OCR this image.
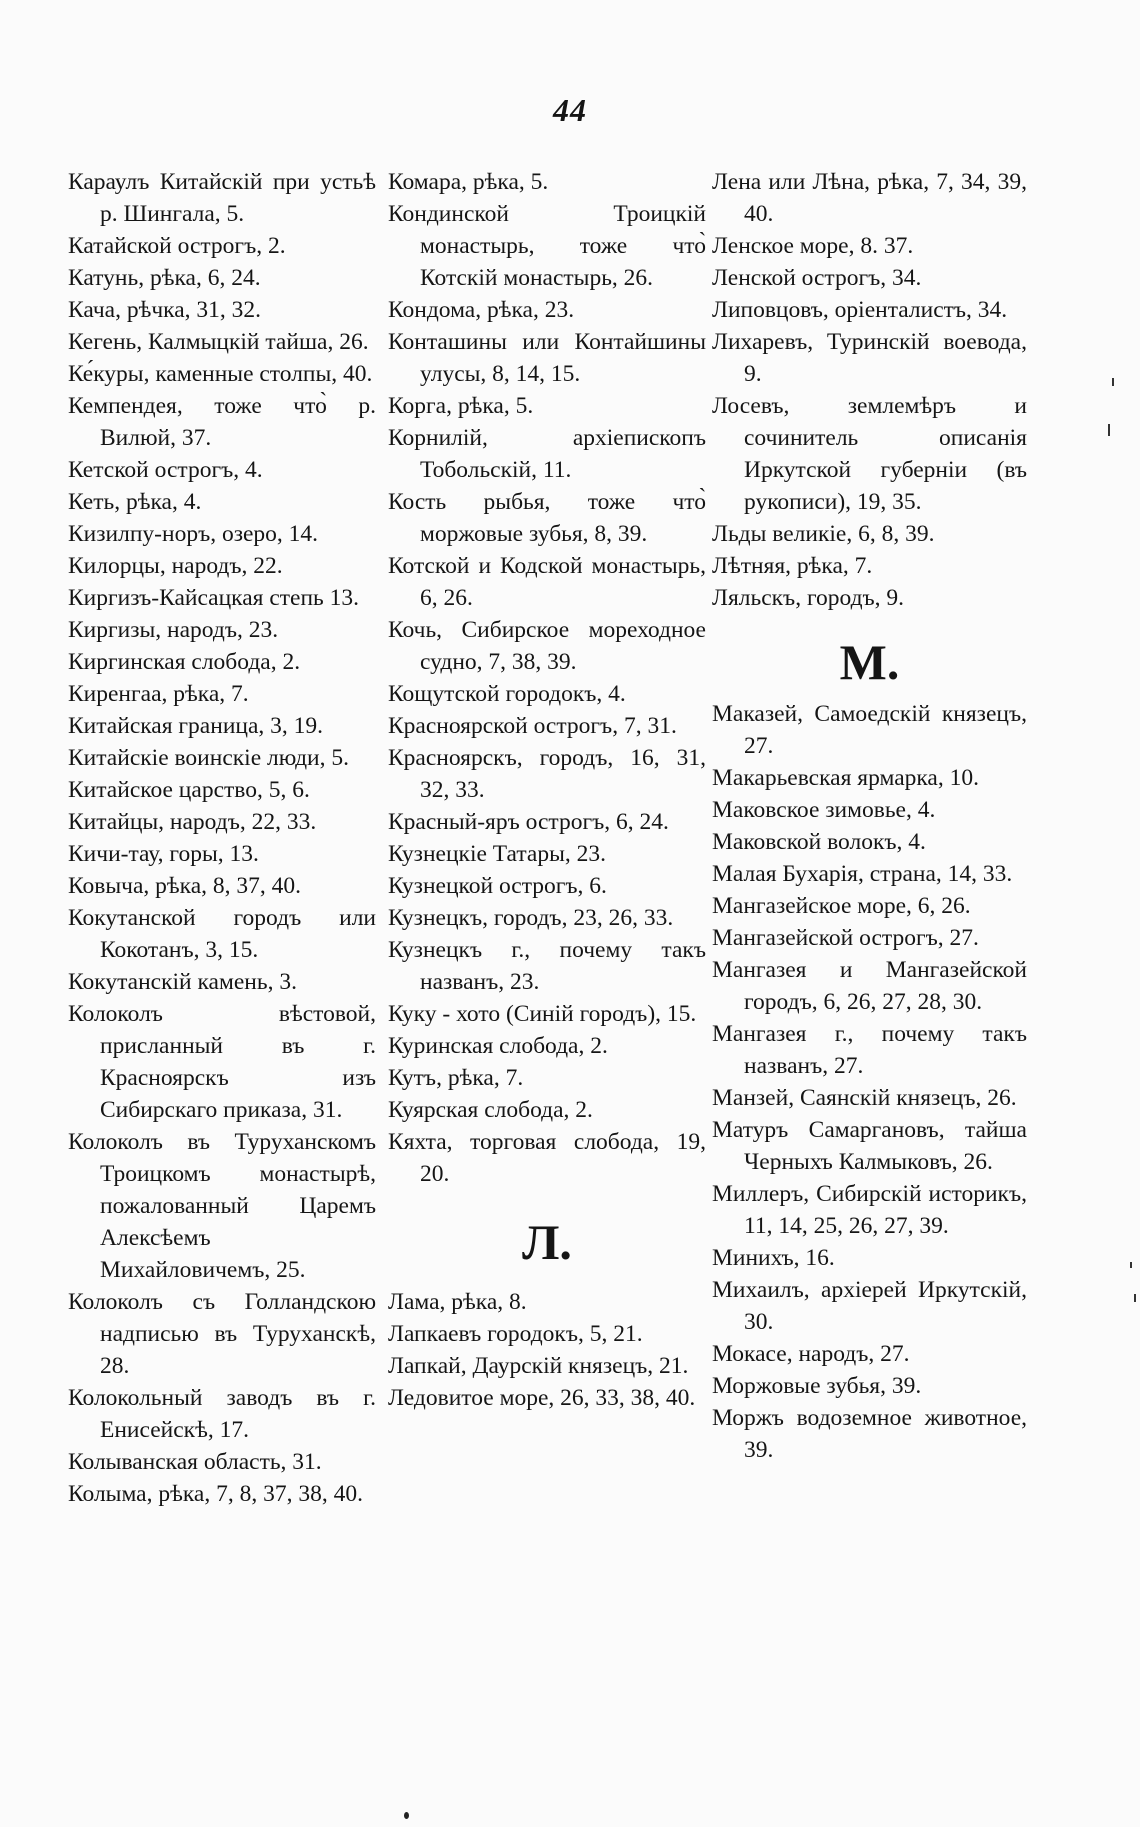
44

Караулъ Китайскій при устьѣ р. Шингала, 5.

Катайской острогъ, 2.

Катунь, рѣка, 6, 24.

Кача, рѣчка, 31, 32.

Кегень, Калмыцкій тайша, 26.

Ке́куры, каменные столпы, 40.

Кемпендея, тоже что̀ р. Вилюй, 37.

Кетской острогъ, 4.

Кеть, рѣка, 4.

Кизилпу-норъ, озеро, 14.

Килорцы, народъ, 22.

Киргизъ-Кайсацкая степь 13.

Киргизы, народъ, 23.

Киргинская слобода, 2.

Киренгаа, рѣка, 7.

Китайская граница, 3, 19.

Китайскіе воинскіе люди, 5.

Китайское царство, 5, 6.

Китайцы, народъ, 22, 33.

Кичи-тау, горы, 13.

Ковыча, рѣка, 8, 37, 40.

Кокутанской городъ или Кокотанъ, 3, 15.

Кокутанскій камень, 3.

Колоколъ вѣстовой, присланный въ г. Красноярскъ изъ Сибирскаго приказа, 31.

Колоколъ въ Туруханскомъ Троицкомъ монастырѣ, пожалованный Царемъ Алексѣемъ Михайловичемъ, 25.

Колоколъ съ Голландскою надписью въ Туруханскѣ, 28.

Колокольный заводъ въ г. Енисейскѣ, 17.

Колыванская область, 31.

Колыма, рѣка, 7, 8, 37, 38, 40.

Комара, рѣка, 5.

Кондинской Троицкій монастырь, тоже что̀ Котскій монастырь, 26.

Кондома, рѣка, 23.

Конташины или Контайшины улусы, 8, 14, 15.

Корга, рѣка, 5.

Корнилій, архіепископъ Тобольскій, 11.

Кость рыбья, тоже что̀ моржовые зубья, 8, 39.

Котской и Кодской монастырь, 6, 26.

Кочь, Сибирское мореходное судно, 7, 38, 39.

Кощутской городокъ, 4.

Красноярской острогъ, 7, 31.

Красноярскъ, городъ, 16, 31, 32, 33.

Красный-яръ острогъ, 6, 24.

Кузнецкіе Татары, 23.

Кузнецкой острогъ, 6.

Кузнецкъ, городъ, 23, 26, 33.

Кузнецкъ г., почему такъ названъ, 23.

Куку - хото (Синій городъ), 15.

Куринская слобода, 2.

Кутъ, рѣка, 7.

Куярская слобода, 2.

Кяхта, торговая слобода, 19, 20.

Л.

Лама, рѣка, 8.

Лапкаевъ городокъ, 5, 21.

Лапкай, Даурскій князецъ, 21.

Ледовитое море, 26, 33, 38, 40.

Лена или Лѣна, рѣка, 7, 34, 39, 40.

Ленское море, 8. 37.

Ленской острогъ, 34.

Липовцовъ, оріенталистъ, 34.

Лихаревъ, Туринскій воевода, 9.

Лосевъ, землемѣръ и сочинитель описанія Иркутской губерніи (въ рукописи), 19, 35.

Льды великіе, 6, 8, 39.

Лѣтняя, рѣка, 7.

Ляльскъ, городъ, 9.

М.

Маказей, Самоедскій князецъ, 27.

Макарьевская ярмарка, 10.

Маковское зимовье, 4.

Маковской волокъ, 4.

Малая Бухарія, страна, 14, 33.

Мангазейское море, 6, 26.

Мангазейской острогъ, 27.

Мангазея и Мангазейской городъ, 6, 26, 27, 28, 30.

Мангазея г., почему такъ названъ, 27.

Манзей, Саянскій князецъ, 26.

Матуръ Самаргановъ, тайша Черныхъ Калмыковъ, 26.

Миллеръ, Сибирскій историкъ, 11, 14, 25, 26, 27, 39.

Минихъ, 16.

Михаилъ, архіерей Иркутскій, 30.

Мокасе, народъ, 27.

Моржовые зубья, 39.

Моржъ водоземное животное, 39.
